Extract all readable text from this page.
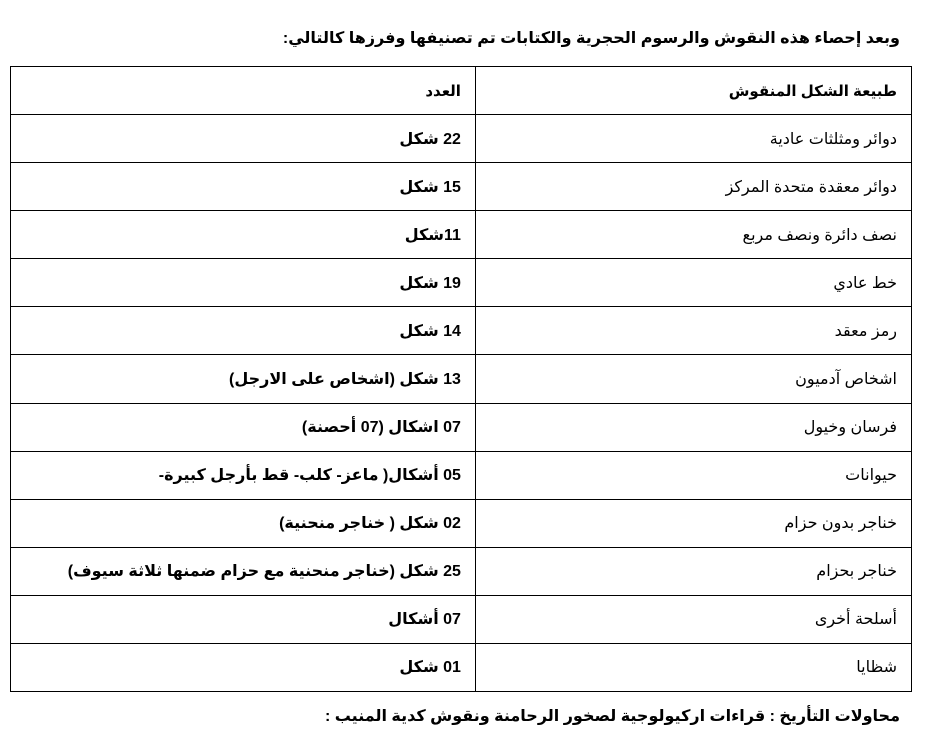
وبعد إحصاء هذه النقوش والرسوم الحجرية والكتابات تم تصنيفها وفرزها كالتالي:
طبيعة الشكل المنقوش	العدد
دوائر ومثلثات عادية	22 شكل
دوائر معقدة متحدة المركز	15 شكل
نصف دائرة ونصف مربع	11شكل
خط عادي	19 شكل
رمز معقد	14 شكل
اشخاص آدميون	13 شكل (اشخاص على الارجل)
فرسان وخيول	07 اشكال (07 أحصنة)
حيوانات	05 أشكال( ماعز- كلب- قط بأرجل كبيرة-
خناجر بدون حزام	02 شكل ( خناجر منحنية)
خناجر بحزام	25 شكل (خناجر منحنية مع حزام ضمنها ثلاثة سيوف)
أسلحة أخرى	07 أشكال
شظايا	01 شكل
محاولات التأريخ : قراءات اركيولوجية لصخور الرحامنة ونقوش كدية المنيب :
